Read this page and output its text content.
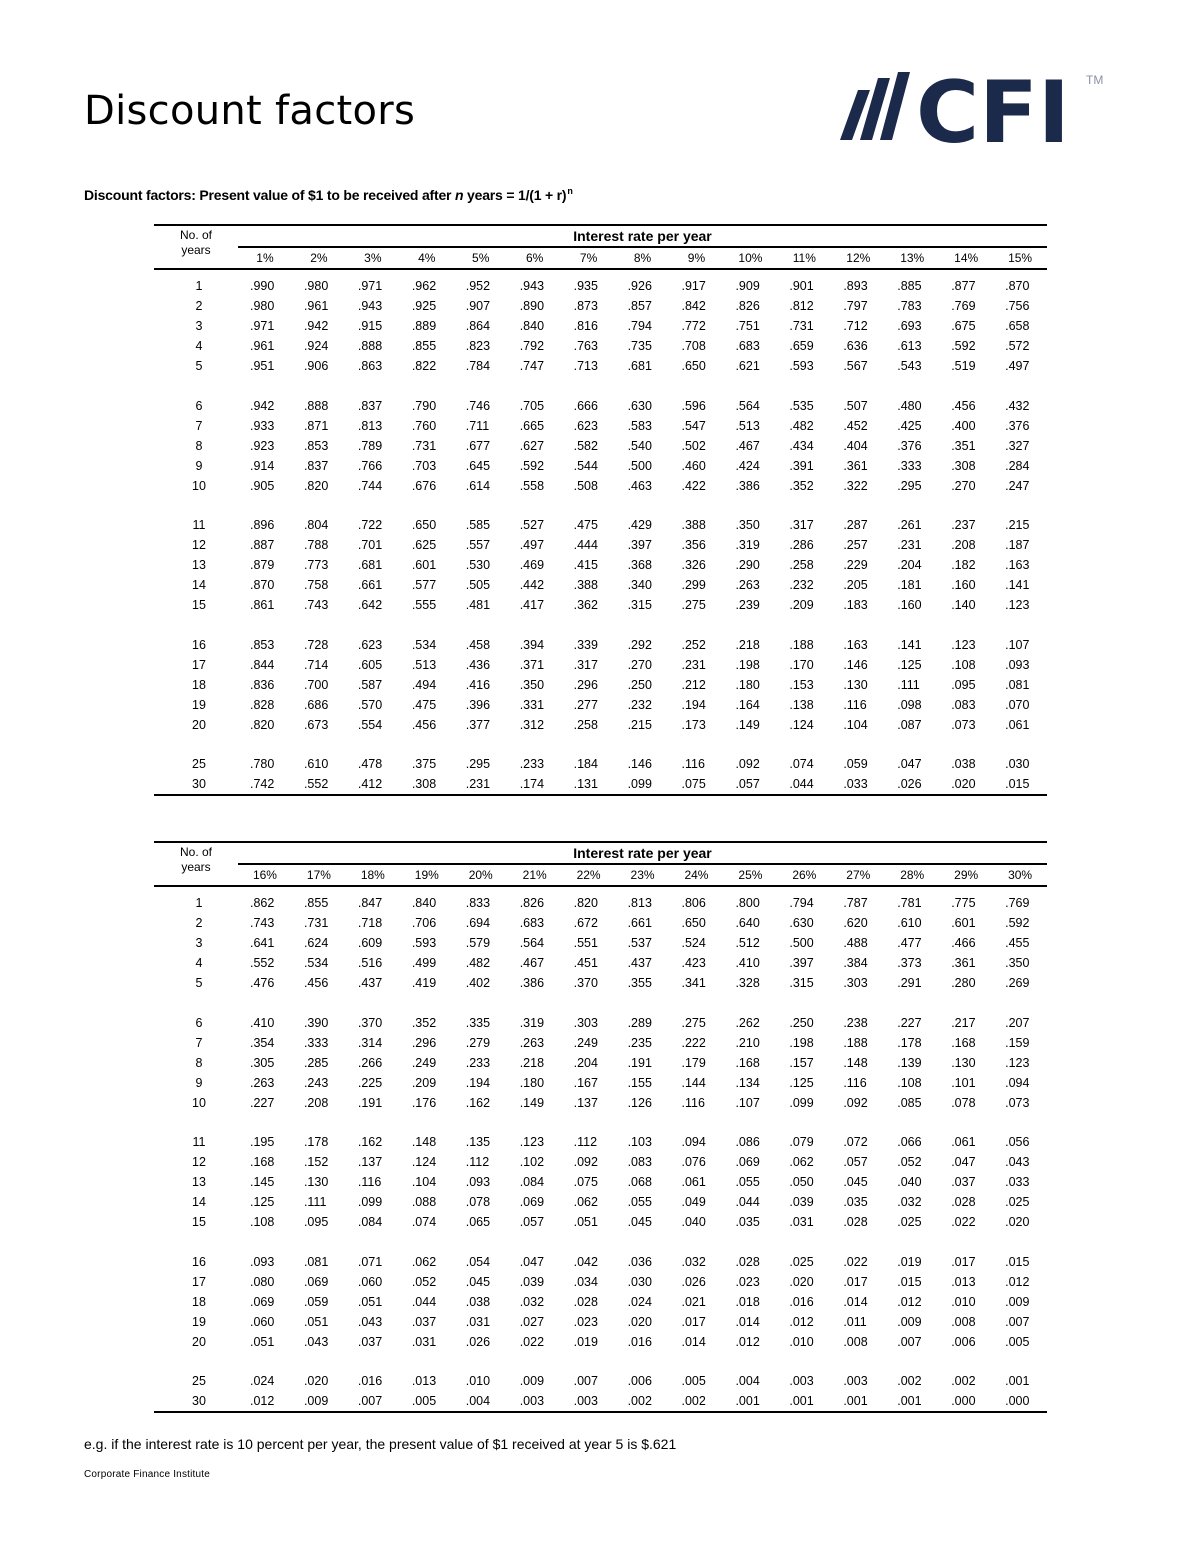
Discount factors	CFI TM
Discount factors: Present value of $1 to be received after n years = $1/(1 + r)^n$
No. of
years
Interest rate per year
1%	2%	3%	4%	5%	6%	7%	8%	9%	10%	11%	12%	13%	14%	15%
1	.990	.980	.971	.962	.952	.943	.935	.926	.917	.909	.901	.893	.885	.877	.870
2	.980	.961	.943	.925	.907	.890	.873	.857	.842	.826	.812	.797	.783	.769	.756
3	.971	.942	.915	.889	.864	.840	.816	.794	.772	.751	.731	.712	.693	.675	.658
4	.961	.924	.888	.855	.823	.792	.763	.735	.708	.683	.659	.636	.613	.592	.572
5	.951	.906	.863	.822	.784	.747	.713	.681	.650	.621	.593	.567	.543	.519	.497
6	.942	.888	.837	.790	.746	.705	.666	.630	.596	.564	.535	.507	.480	.456	.432
7	.933	.871	.813	.760	.711	.665	.623	.583	.547	.513	.482	.452	.425	.400	.376
8	.923	.853	.789	.731	.677	.627	.582	.540	.502	.467	.434	.404	.376	.351	.327
9	.914	.837	.766	.703	.645	.592	.544	.500	.460	.424	.391	.361	.333	.308	.284
10	.905	.820	.744	.676	.614	.558	.508	.463	.422	.386	.352	.322	.295	.270	.247
11	.896	.804	.722	.650	.585	.527	.475	.429	.388	.350	.317	.287	.261	.237	.215
12	.887	.788	.701	.625	.557	.497	.444	.397	.356	.319	.286	.257	.231	.208	.187
13	.879	.773	.681	.601	.530	.469	.415	.368	.326	.290	.258	.229	.204	.182	.163
14	.870	.758	.661	.577	.505	.442	.388	.340	.299	.263	.232	.205	.181	.160	.141
15	.861	.743	.642	.555	.481	.417	.362	.315	.275	.239	.209	.183	.160	.140	.123
16	.853	.728	.623	.534	.458	.394	.339	.292	.252	.218	.188	.163	.141	.123	.107
17	.844	.714	.605	.513	.436	.371	.317	.270	.231	.198	.170	.146	.125	.108	.093
18	.836	.700	.587	.494	.416	.350	.296	.250	.212	.180	.153	.130	.111	.095	.081
19	.828	.686	.570	.475	.396	.331	.277	.232	.194	.164	.138	.116	.098	.083	.070
20	.820	.673	.554	.456	.377	.312	.258	.215	.173	.149	.124	.104	.087	.073	.061
25	.780	.610	.478	.375	.295	.233	.184	.146	.116	.092	.074	.059	.047	.038	.030
30	.742	.552	.412	.308	.231	.174	.131	.099	.075	.057	.044	.033	.026	.020	.015
No. of
years
Interest rate per year
16%	17%	18%	19%	20%	21%	22%	23%	24%	25%	26%	27%	28%	29%	30%
1	.862	.855	.847	.840	.833	.826	.820	.813	.806	.800	.794	.787	.781	.775	.769
2	.743	.731	.718	.706	.694	.683	.672	.661	.650	.640	.630	.620	.610	.601	.592
3	.641	.624	.609	.593	.579	.564	.551	.537	.524	.512	.500	.488	.477	.466	.455
4	.552	.534	.516	.499	.482	.467	.451	.437	.423	.410	.397	.384	.373	.361	.350
5	.476	.456	.437	.419	.402	.386	.370	.355	.341	.328	.315	.303	.291	.280	.269
6	.410	.390	.370	.352	.335	.319	.303	.289	.275	.262	.250	.238	.227	.217	.207
7	.354	.333	.314	.296	.279	.263	.249	.235	.222	.210	.198	.188	.178	.168	.159
8	.305	.285	.266	.249	.233	.218	.204	.191	.179	.168	.157	.148	.139	.130	.123
9	.263	.243	.225	.209	.194	.180	.167	.155	.144	.134	.125	.116	.108	.101	.094
10	.227	.208	.191	.176	.162	.149	.137	.126	.116	.107	.099	.092	.085	.078	.073
11	.195	.178	.162	.148	.135	.123	.112	.103	.094	.086	.079	.072	.066	.061	.056
12	.168	.152	.137	.124	.112	.102	.092	.083	.076	.069	.062	.057	.052	.047	.043
13	.145	.130	.116	.104	.093	.084	.075	.068	.061	.055	.050	.045	.040	.037	.033
14	.125	.111	.099	.088	.078	.069	.062	.055	.049	.044	.039	.035	.032	.028	.025
15	.108	.095	.084	.074	.065	.057	.051	.045	.040	.035	.031	.028	.025	.022	.020
16	.093	.081	.071	.062	.054	.047	.042	.036	.032	.028	.025	.022	.019	.017	.015
17	.080	.069	.060	.052	.045	.039	.034	.030	.026	.023	.020	.017	.015	.013	.012
18	.069	.059	.051	.044	.038	.032	.028	.024	.021	.018	.016	.014	.012	.010	.009
19	.060	.051	.043	.037	.031	.027	.023	.020	.017	.014	.012	.011	.009	.008	.007
20	.051	.043	.037	.031	.026	.022	.019	.016	.014	.012	.010	.008	.007	.006	.005
25	.024	.020	.016	.013	.010	.009	.007	.006	.005	.004	.003	.003	.002	.002	.001
30	.012	.009	.007	.005	.004	.003	.003	.002	.002	.001	.001	.001	.001	.000	.000
e.g. if the interest rate is 10 percent per year, the present value of $1 received at year 5 is $.621
Corporate Finance Institute
